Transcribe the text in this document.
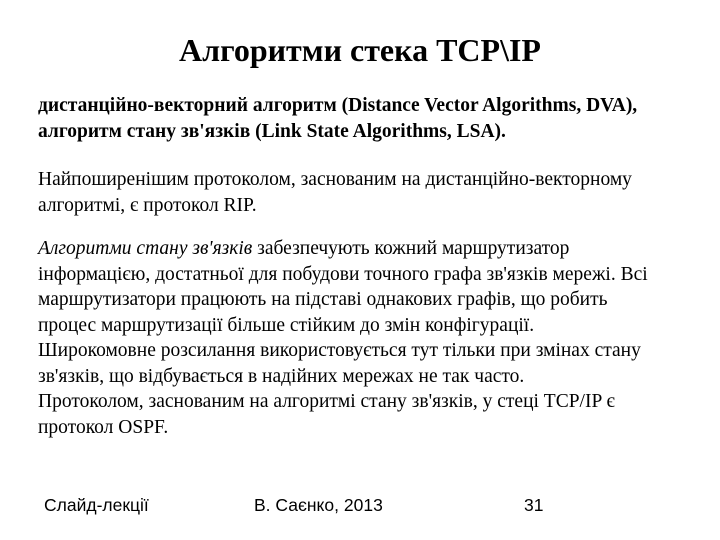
Алгоритми стека TCP\IP
дистанційно-векторний алгоритм (Distance Vector Algorithms, DVA),
алгоритм стану зв'язків (Link State Algorithms, LSA).
Найпоширенішим протоколом, заснованим на дистанційно-векторному
алгоритмі, є протокол RIP.
Алгоритми стану зв'язків забезпечують кожний маршрутизатор
інформацією, достатньої для побудови точного графа зв'язків мережі. Всі
маршрутизатори працюють на підставі однакових графів, що робить
процес маршрутизації більше стійким до змін конфігурації.
Широкомовне розсилання використовується тут тільки при змінах стану
зв'язків, що відбувається в надійних мережах не так часто.
Протоколом, заснованим на алгоритмі стану зв'язків, у стеці TCP/IP є
протокол OSPF.
Слайд-лекції	В. Саєнко, 2013	31
